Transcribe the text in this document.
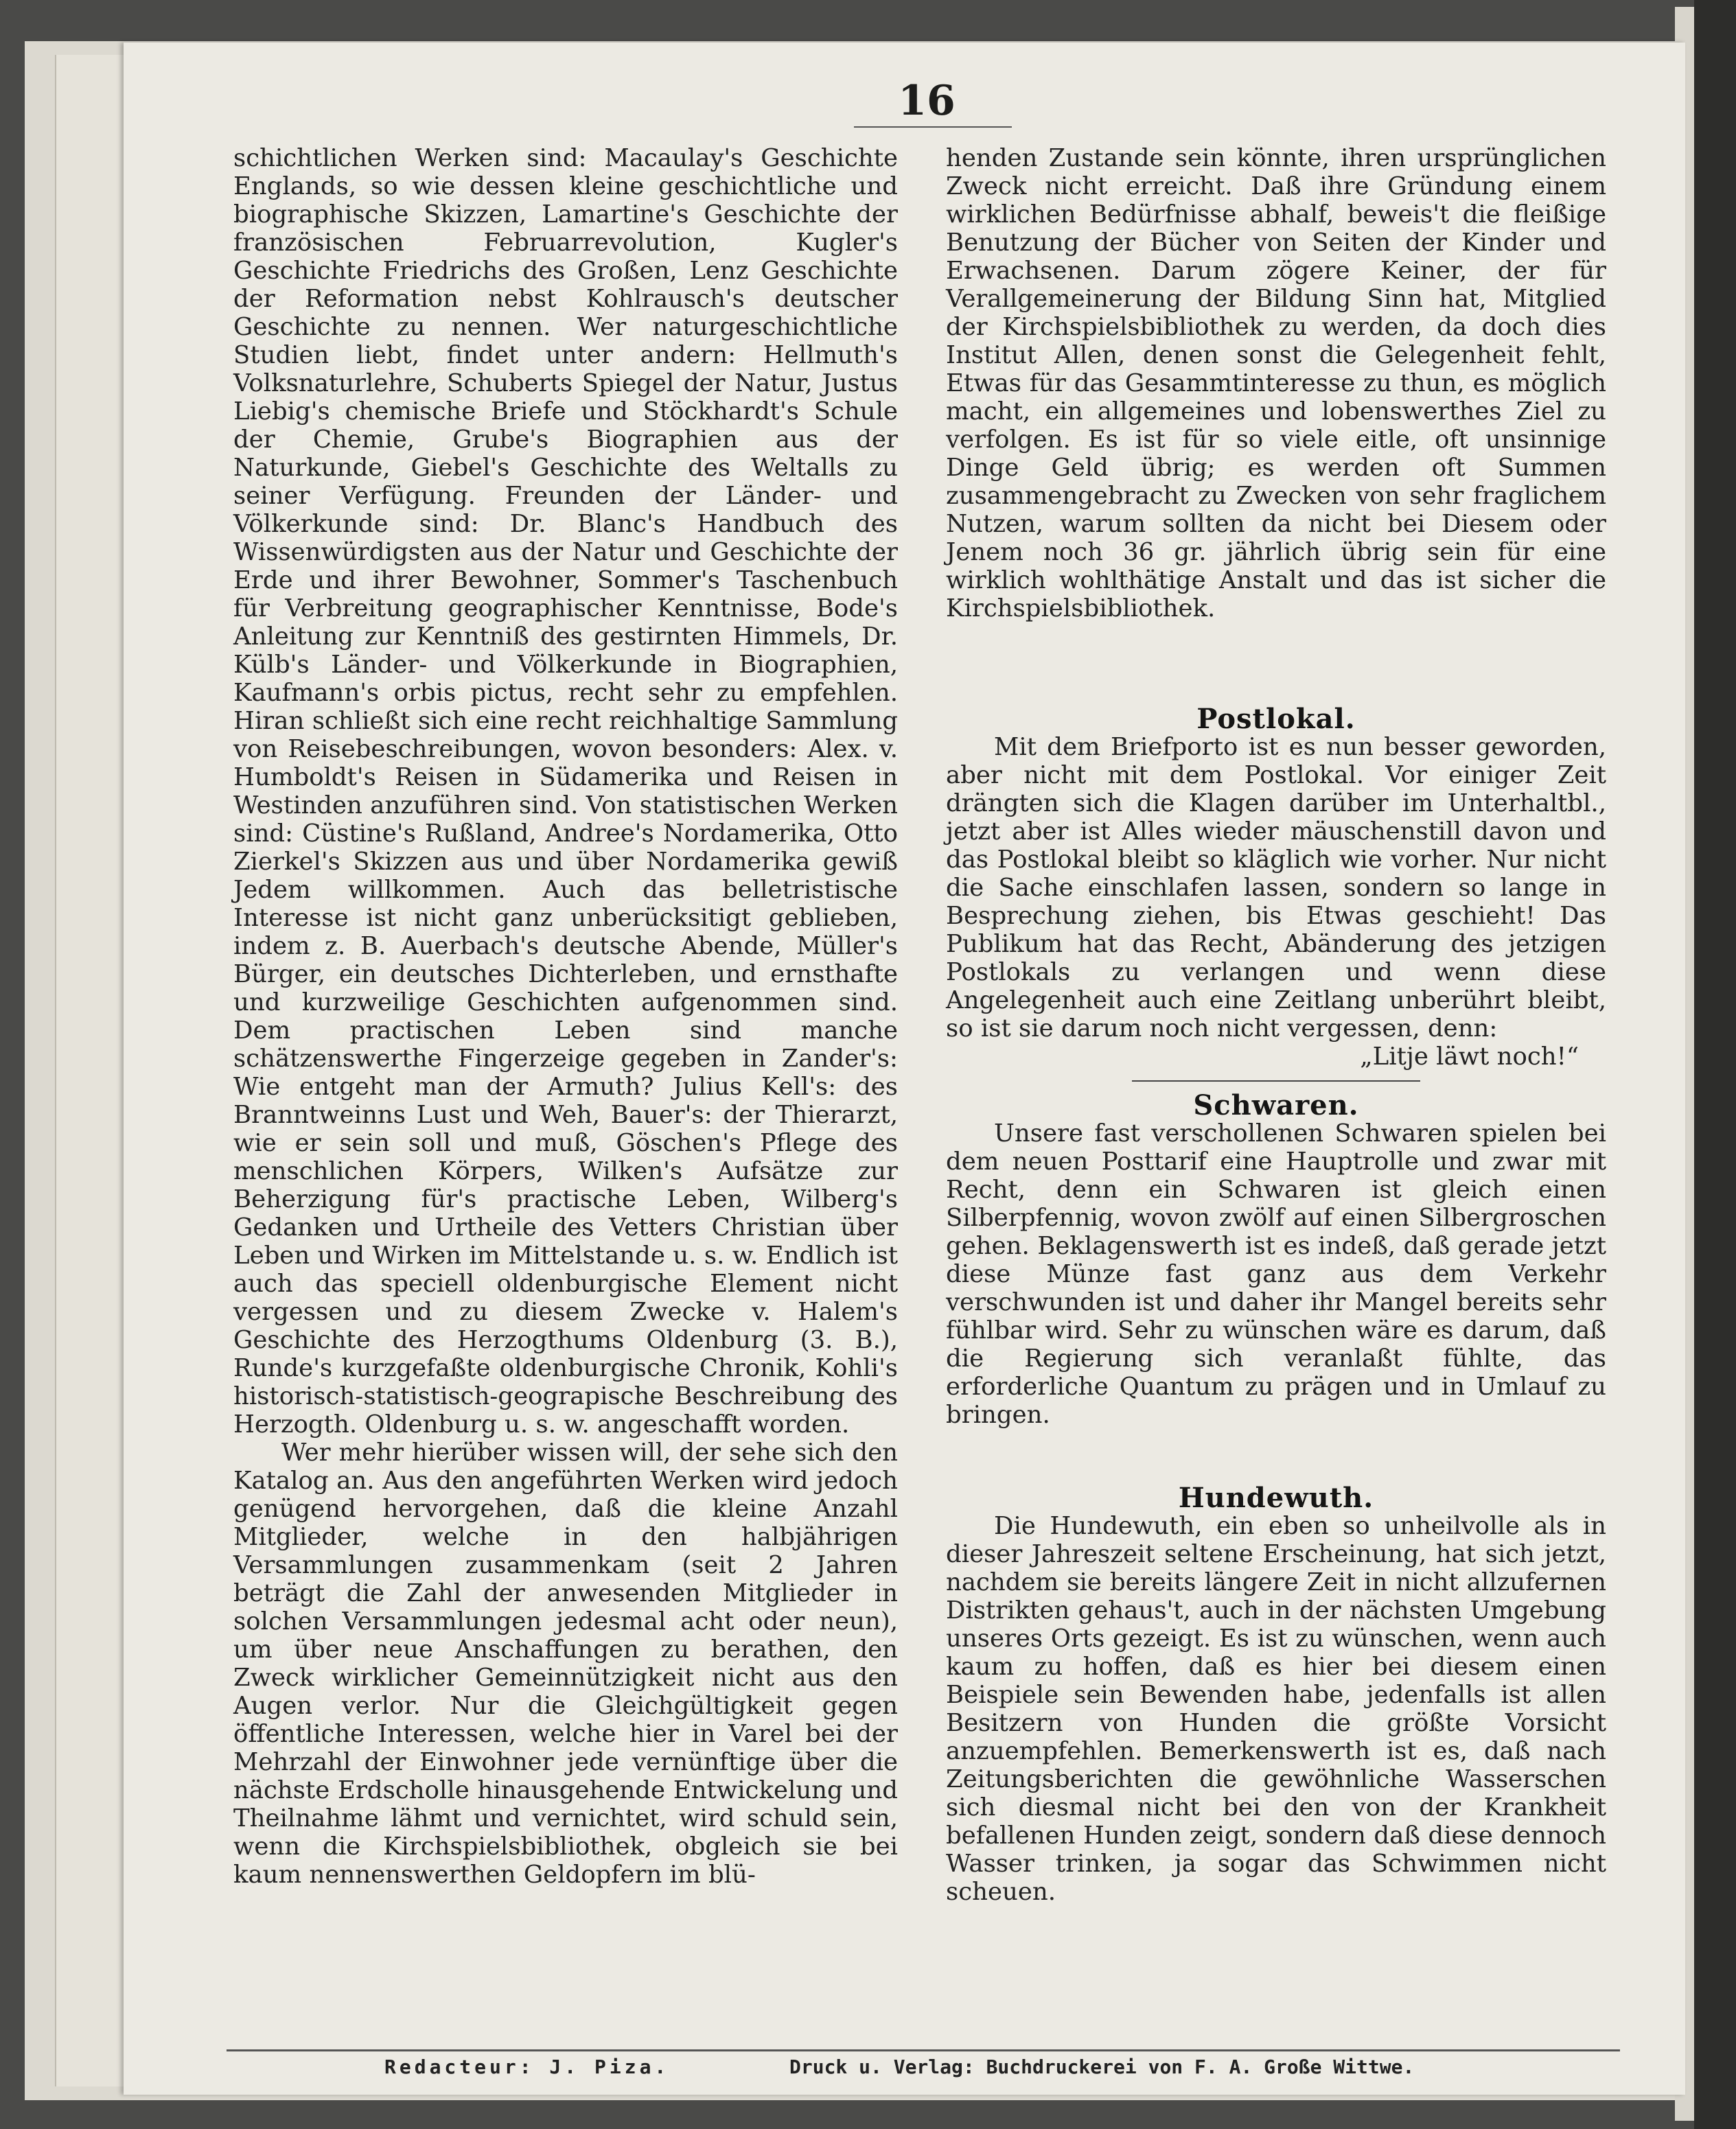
16

schichtlichen Werken sind: Macaulay's Geschichte Englands, so wie dessen kleine geschichtliche und biographische Skizzen, Lamartine's Geschichte der französischen Februarrevolution, Kugler's Geschichte Friedrichs des Großen, Lenz Geschichte der Reformation nebst Kohlrausch's deutscher Geschichte zu nennen. Wer naturgeschichtliche Studien liebt, findet unter andern: Hellmuth's Volksnaturlehre, Schuberts Spiegel der Natur, Justus Liebig's chemische Briefe und Stöckhardt's Schule der Chemie, Grube's Biographien aus der Naturkunde, Giebel's Geschichte des Weltalls zu seiner Verfügung. Freunden der Länder- und Völkerkunde sind: Dr. Blanc's Handbuch des Wissenwürdigsten aus der Natur und Geschichte der Erde und ihrer Bewohner, Sommer's Taschenbuch für Verbreitung geographischer Kenntnisse, Bode's Anleitung zur Kenntniß des gestirnten Himmels, Dr. Külb's Länder- und Völkerkunde in Biographien, Kaufmann's orbis pictus, recht sehr zu empfehlen. Hiran schließt sich eine recht reichhaltige Sammlung von Reisebeschreibungen, wovon besonders: Alex. v. Humboldt's Reisen in Südamerika und Reisen in Westinden anzuführen sind. Von statistischen Werken sind: Cüstine's Rußland, Andree's Nordamerika, Otto Zierkel's Skizzen aus und über Nordamerika gewiß Jedem willkommen. Auch das belletristische Interesse ist nicht ganz unberücksitigt geblieben, indem z. B. Auerbach's deutsche Abende, Müller's Bürger, ein deutsches Dichterleben, und ernsthafte und kurzweilige Geschichten aufgenommen sind. Dem practischen Leben sind manche schätzenswerthe Fingerzeige gegeben in Zander's: Wie entgeht man der Armuth? Julius Kell's: des Branntweinns Lust und Weh, Bauer's: der Thierarzt, wie er sein soll und muß, Göschen's Pflege des menschlichen Körpers, Wilken's Aufsätze zur Beherzigung für's practische Leben, Wilberg's Gedanken und Urtheile des Vetters Christian über Leben und Wirken im Mittelstande u. s. w. Endlich ist auch das speciell oldenburgische Element nicht vergessen und zu diesem Zwecke v. Halem's Geschichte des Herzogthums Oldenburg (3. B.), Runde's kurzgefaßte oldenburgische Chronik, Kohli's historisch-statistisch-geograpische Beschreibung des Herzogth. Oldenburg u. s. w. angeschafft worden.

Wer mehr hierüber wissen will, der sehe sich den Katalog an. Aus den angeführten Werken wird jedoch genügend hervorgehen, daß die kleine Anzahl Mitglieder, welche in den halbjährigen Versammlungen zusammenkam (seit 2 Jahren beträgt die Zahl der anwesenden Mitglieder in solchen Versammlungen jedesmal acht oder neun), um über neue Anschaffungen zu berathen, den Zweck wirklicher Gemeinnützigkeit nicht aus den Augen verlor. Nur die Gleichgültigkeit gegen öffentliche Interessen, welche hier in Varel bei der Mehrzahl der Einwohner jede vernünftige über die nächste Erdscholle hinausgehende Entwickelung und Theilnahme lähmt und vernichtet, wird schuld sein, wenn die Kirchspielsbibliothek, obgleich sie bei kaum nennenswerthen Geldopfern im blü-

henden Zustande sein könnte, ihren ursprünglichen Zweck nicht erreicht. Daß ihre Gründung einem wirklichen Bedürfnisse abhalf, beweis't die fleißige Benutzung der Bücher von Seiten der Kinder und Erwachsenen. Darum zögere Keiner, der für Verallgemeinerung der Bildung Sinn hat, Mitglied der Kirchspielsbibliothek zu werden, da doch dies Institut Allen, denen sonst die Gelegenheit fehlt, Etwas für das Gesammtinteresse zu thun, es möglich macht, ein allgemeines und lobenswerthes Ziel zu verfolgen. Es ist für so viele eitle, oft unsinnige Dinge Geld übrig; es werden oft Summen zusammengebracht zu Zwecken von sehr fraglichem Nutzen, warum sollten da nicht bei Diesem oder Jenem noch 36 gr. jährlich übrig sein für eine wirklich wohlthätige Anstalt und das ist sicher die Kirchspielsbibliothek.

Postlokal.

Mit dem Briefporto ist es nun besser geworden, aber nicht mit dem Postlokal. Vor einiger Zeit drängten sich die Klagen darüber im Unterhaltbl., jetzt aber ist Alles wieder mäuschenstill davon und das Postlokal bleibt so kläglich wie vorher. Nur nicht die Sache einschlafen lassen, sondern so lange in Besprechung ziehen, bis Etwas geschieht! Das Publikum hat das Recht, Abänderung des jetzigen Postlokals zu verlangen und wenn diese Angelegenheit auch eine Zeitlang unberührt bleibt, so ist sie darum noch nicht vergessen, denn:

„Litje läwt noch!“

Schwaren.

Unsere fast verschollenen Schwaren spielen bei dem neuen Posttarif eine Hauptrolle und zwar mit Recht, denn ein Schwaren ist gleich einen Silberpfennig, wovon zwölf auf einen Silbergroschen gehen. Beklagenswerth ist es indeß, daß gerade jetzt diese Münze fast ganz aus dem Verkehr verschwunden ist und daher ihr Mangel bereits sehr fühlbar wird. Sehr zu wünschen wäre es darum, daß die Regierung sich veranlaßt fühlte, das erforderliche Quantum zu prägen und in Umlauf zu bringen.

Hundewuth.

Die Hundewuth, ein eben so unheilvolle als in dieser Jahreszeit seltene Erscheinung, hat sich jetzt, nachdem sie bereits längere Zeit in nicht allzufernen Distrikten gehaus't, auch in der nächsten Umgebung unseres Orts gezeigt. Es ist zu wünschen, wenn auch kaum zu hoffen, daß es hier bei diesem einen Beispiele sein Bewenden habe, jedenfalls ist allen Besitzern von Hunden die größte Vorsicht anzuempfehlen. Bemerkenswerth ist es, daß nach Zeitungsberichten die gewöhnliche Wasserschen sich diesmal nicht bei den von der Krankheit befallenen Hunden zeigt, sondern daß diese dennoch Wasser trinken, ja sogar das Schwimmen nicht scheuen.

Redacteur: J. Piza.	Druck u. Verlag: Buchdruckerei von F. A. Große Wittwe.
